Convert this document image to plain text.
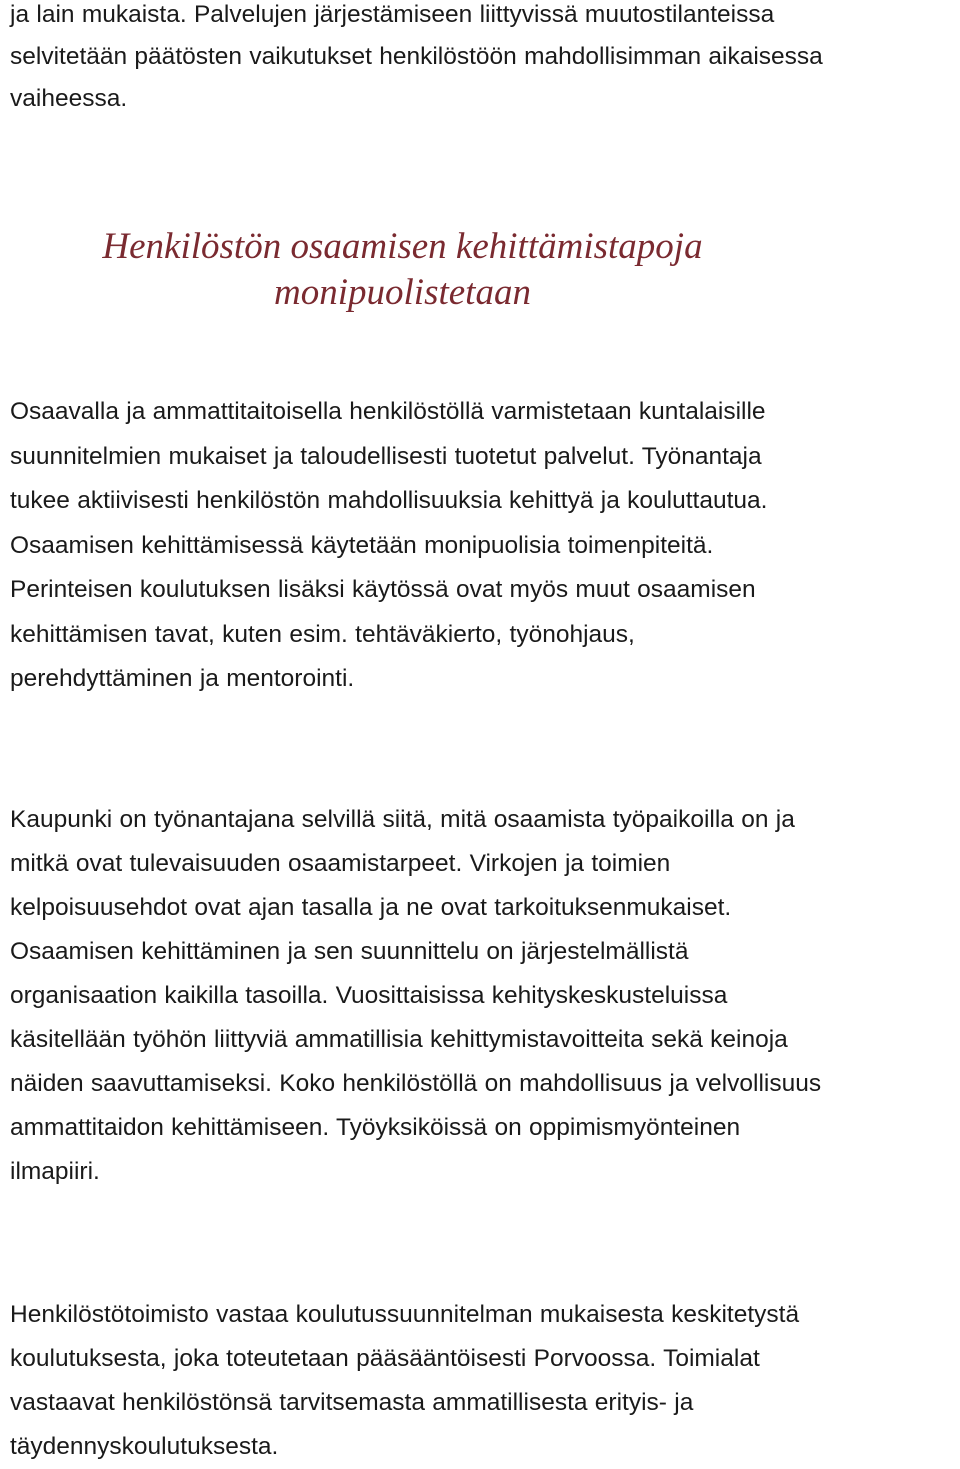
ja lain mukaista. Palvelujen järjestämiseen liittyvissä muutostilanteissa
selvitetään päätösten vaikutukset henkilöstöön mahdollisimman aikaisessa
vaiheessa.

Henkilöstön osaamisen kehittämistapoja
monipuolistetaan

Osaavalla ja ammattitaitoisella henkilöstöllä varmistetaan kuntalaisille
suunnitelmien mukaiset ja taloudellisesti tuotetut palvelut. Työnantaja
tukee aktiivisesti henkilöstön mahdollisuuksia kehittyä ja kouluttautua.
Osaamisen kehittämisessä käytetään monipuolisia toimenpiteitä.
Perinteisen koulutuksen lisäksi käytössä ovat myös muut osaamisen
kehittämisen tavat, kuten esim. tehtäväkierto, työnohjaus,
perehdyttäminen ja mentorointi.

Kaupunki on työnantajana selvillä siitä, mitä osaamista työpaikoilla on ja
mitkä ovat tulevaisuuden osaamistarpeet. Virkojen ja toimien
kelpoisuusehdot ovat ajan tasalla ja ne ovat tarkoituksenmukaiset.
Osaamisen kehittäminen ja sen suunnittelu on järjestelmällistä
organisaation kaikilla tasoilla. Vuosittaisissa kehityskeskusteluissa
käsitellään työhön liittyviä ammatillisia kehittymistavoitteita sekä keinoja
näiden saavuttamiseksi. Koko henkilöstöllä on mahdollisuus ja velvollisuus
ammattitaidon kehittämiseen. Työyksiköissä on oppimismyönteinen
ilmapiiri.

Henkilöstötoimisto vastaa koulutussuunnitelman mukaisesta keskitetystä
koulutuksesta, joka toteutetaan pääsääntöisesti Porvoossa. Toimialat
vastaavat henkilöstönsä tarvitsemasta ammatillisesta erityis- ja
täydennyskoulutuksesta.
